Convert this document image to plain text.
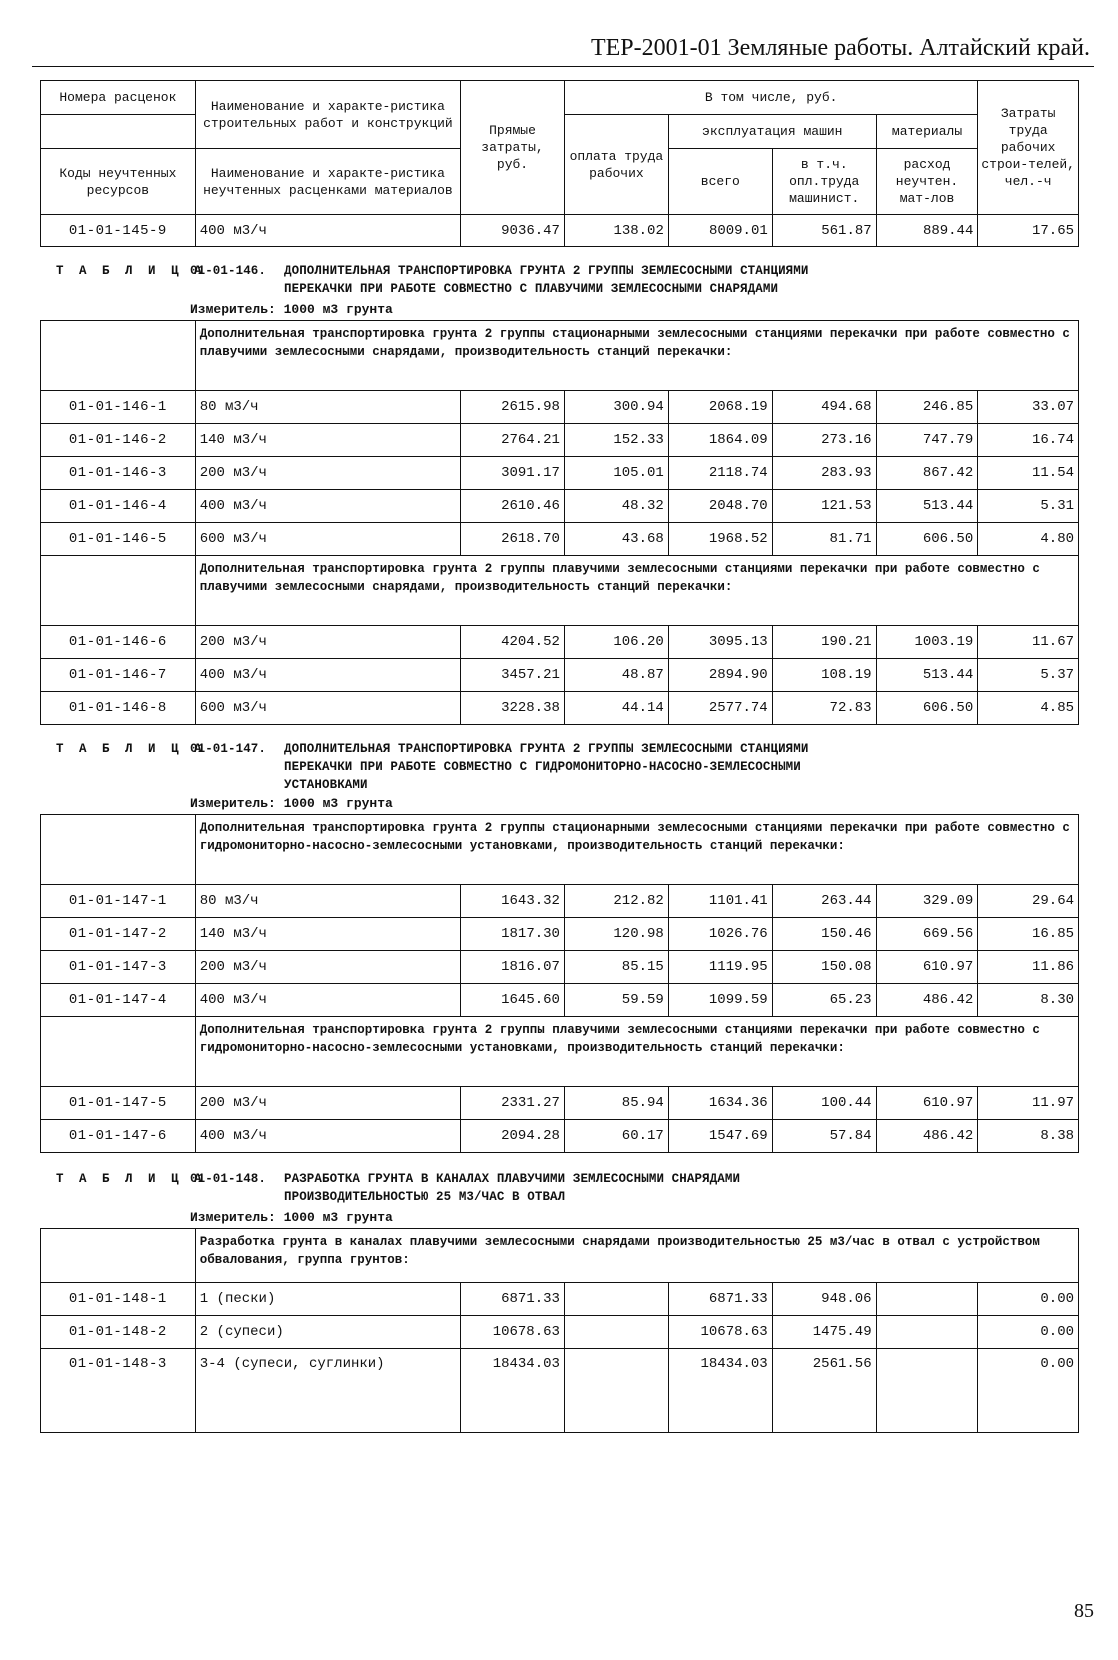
ТЕР-2001-01 Земляные работы. Алтайский край.
Номера расценок	Наименование и характе-ристика строительных работ и конструкций	Прямые затраты, руб.	В том числе, руб.				Затраты труда рабочих строи-телей, чел.-ч
			оплата труда рабочих	эксплуатация машин		материалы	
Коды неучтенных ресурсов	Наименование и характе-ристика неучтенных расценками материалов			всего	в т.ч. опл.труда машинист.	расход неучтен. мат-лов	
01-01-145-9	400 м3/ч	9036.47	138.02	8009.01	561.87	889.44	17.65
Т А Б Л И Ц А
01-01-146. ДОПОЛНИТЕЛЬНАЯ ТРАНСПОРТИРОВКА ГРУНТА 2 ГРУППЫ ЗЕМЛЕСОСНЫМИ СТАНЦИЯМИ
ПЕРЕКАЧКИ ПРИ РАБОТЕ СОВМЕСТНО С ПЛАВУЧИМИ ЗЕМЛЕСОСНЫМИ СНАРЯДАМИ
Измеритель: 1000 м3 грунта
	Дополнительная транспортировка грунта 2 группы стационарными землесосными станциями перекачки при работе совместно с плавучими землесосными снарядами, производительность станций перекачки:						
01-01-146-1	80 м3/ч	2615.98	300.94	2068.19	494.68	246.85	33.07
01-01-146-2	140 м3/ч	2764.21	152.33	1864.09	273.16	747.79	16.74
01-01-146-3	200 м3/ч	3091.17	105.01	2118.74	283.93	867.42	11.54
01-01-146-4	400 м3/ч	2610.46	48.32	2048.70	121.53	513.44	5.31
01-01-146-5	600 м3/ч	2618.70	43.68	1968.52	81.71	606.50	4.80
	Дополнительная транспортировка грунта 2 группы плавучими землесосными станциями перекачки при работе совместно с плавучими землесосными снарядами, производительность станций перекачки:						
01-01-146-6	200 м3/ч	4204.52	106.20	3095.13	190.21	1003.19	11.67
01-01-146-7	400 м3/ч	3457.21	48.87	2894.90	108.19	513.44	5.37
01-01-146-8	600 м3/ч	3228.38	44.14	2577.74	72.83	606.50	4.85
Т А Б Л И Ц А
01-01-147. ДОПОЛНИТЕЛЬНАЯ ТРАНСПОРТИРОВКА ГРУНТА 2 ГРУППЫ ЗЕМЛЕСОСНЫМИ СТАНЦИЯМИ
ПЕРЕКАЧКИ ПРИ РАБОТЕ СОВМЕСТНО С ГИДРОМОНИТОРНО-НАСОСНО-ЗЕМЛЕСОСНЫМИ
УСТАНОВКАМИ
Измеритель: 1000 м3 грунта
	Дополнительная транспортировка грунта 2 группы стационарными землесосными станциями перекачки при работе совместно с гидромониторно-насосно-землесосными установками, производительность станций перекачки:						
01-01-147-1	80 м3/ч	1643.32	212.82	1101.41	263.44	329.09	29.64
01-01-147-2	140 м3/ч	1817.30	120.98	1026.76	150.46	669.56	16.85
01-01-147-3	200 м3/ч	1816.07	85.15	1119.95	150.08	610.97	11.86
01-01-147-4	400 м3/ч	1645.60	59.59	1099.59	65.23	486.42	8.30
	Дополнительная транспортировка грунта 2 группы плавучими землесосными станциями перекачки при работе совместно с гидромониторно-насосно-землесосными установками, производительность станций перекачки:						
01-01-147-5	200 м3/ч	2331.27	85.94	1634.36	100.44	610.97	11.97
01-01-147-6	400 м3/ч	2094.28	60.17	1547.69	57.84	486.42	8.38
Т А Б Л И Ц А
01-01-148. РАЗРАБОТКА ГРУНТА В КАНАЛАХ ПЛАВУЧИМИ ЗЕМЛЕСОСНЫМИ СНАРЯДАМИ
ПРОИЗВОДИТЕЛЬНОСТЬЮ 25 М3/ЧАС В ОТВАЛ
Измеритель: 1000 м3 грунта
	Разработка грунта в каналах плавучими землесосными снарядами производительностью 25 м3/час в отвал с устройством обвалования, группа грунтов:						
01-01-148-1	1 (пески)	6871.33		6871.33	948.06		0.00
01-01-148-2	2 (супеси)	10678.63		10678.63	1475.49		0.00
01-01-148-3	3-4 (супеси, суглинки)	18434.03		18434.03	2561.56		0.00
85
